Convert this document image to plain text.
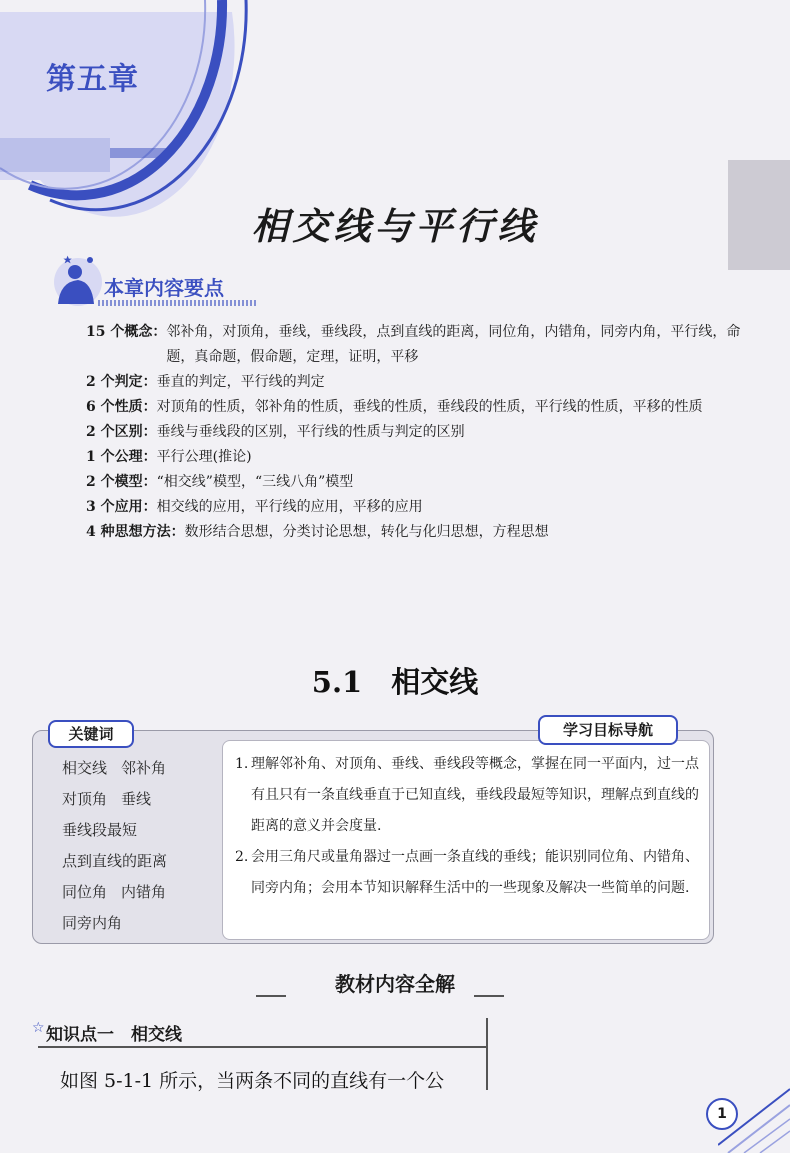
第五章
相交线与平行线
本章内容要点
15 个概念： 邻补角，对顶角，垂线，垂线段，点到直线的距离，同位角，内错角，同旁内角，平行线，命题，真命题，假命题，定理，证明，平移
2 个判定： 垂直的判定，平行线的判定
6 个性质： 对顶角的性质，邻补角的性质，垂线的性质，垂线段的性质，平行线的性质，平移的性质
2 个区别： 垂线与垂线段的区别，平行线的性质与判定的区别
1 个公理： 平行公理(推论)
2 个模型： “相交线”模型，“三线八角”模型
3 个应用： 相交线的应用，平行线的应用，平移的应用
4 种思想方法： 数形结合思想，分类讨论思想，转化与化归思想，方程思想
5.1　相交线
关键词
相交线 邻补角
对顶角 垂线
垂线段最短
点到直线的距离
同位角 内错角
同旁内角
1. 理解邻补角、对顶角、垂线、垂线段等概念，掌握在同一平面内，过一点有且只有一条直线垂直于已知直线，垂线段最短等知识，理解点到直线的距离的意义并会度量.
2. 会用三角尺或量角器过一点画一条直线的垂线；能识别同位角、内错角、同旁内角；会用本节知识解释生活中的一些现象及解决一些简单的问题.
学习目标导航
教材内容全解
☆ 知识点一　相交线
如图 5-1-1 所示，当两条不同的直线有一个公
1
